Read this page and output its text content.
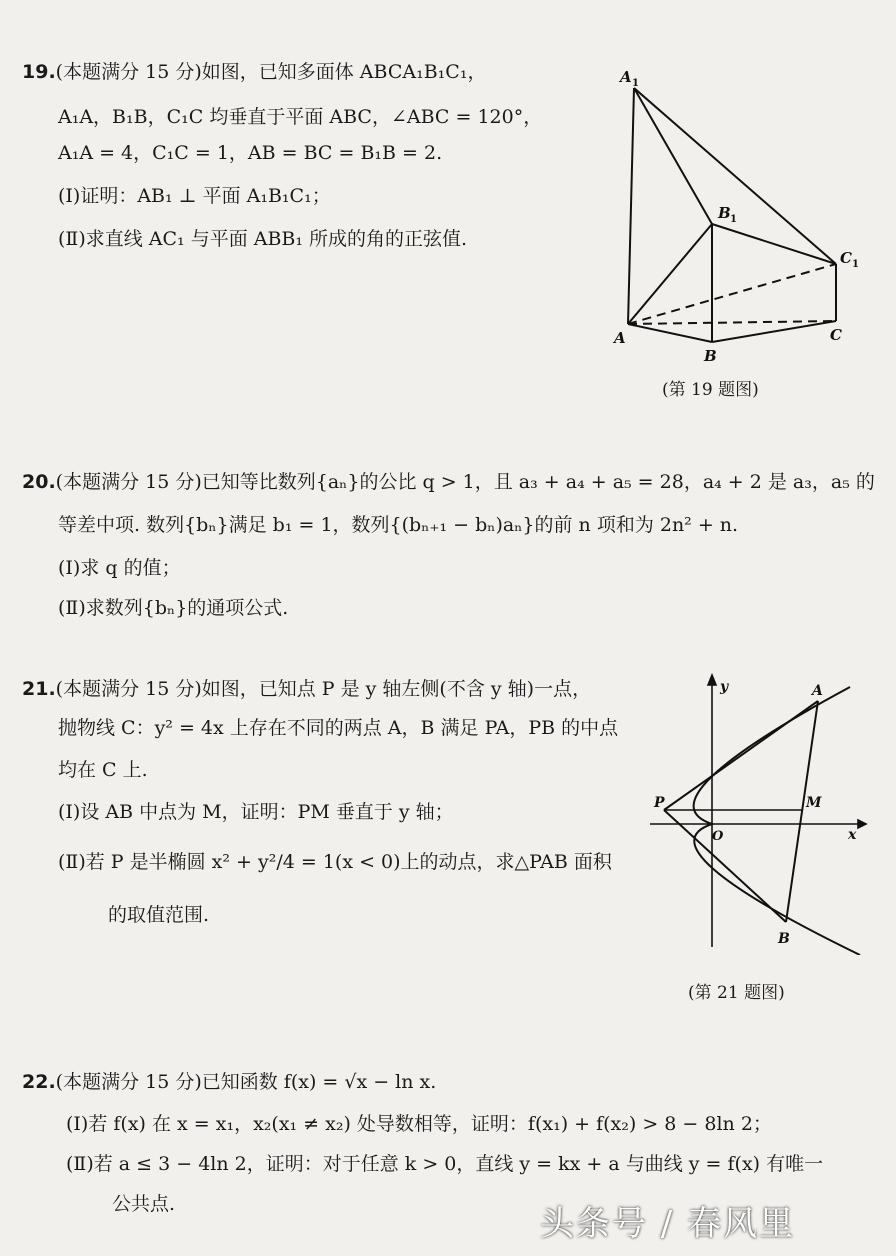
19.(本题满分 15 分)如图，已知多面体 ABCA₁B₁C₁，
A₁A，B₁B，C₁C 均垂直于平面 ABC，∠ABC = 120°，
A₁A = 4，C₁C = 1，AB = BC = B₁B = 2.
(Ⅰ)证明：AB₁ ⊥ 平面 A₁B₁C₁；
(Ⅱ)求直线 AC₁ 与平面 ABB₁ 所成的角的正弦值.
A 1
B 1
C 1
A
B
C
(第 19 题图)
20.(本题满分 15 分)已知等比数列{aₙ}的公比 q > 1，且 a₃ + a₄ + a₅ = 28，a₄ + 2 是 a₃，a₅ 的
等差中项. 数列{bₙ}满足 b₁ = 1，数列{(bₙ₊₁ − bₙ)aₙ}的前 n 项和为 2n² + n.
(Ⅰ)求 q 的值；
(Ⅱ)求数列{bₙ}的通项公式.
21.(本题满分 15 分)如图，已知点 P 是 y 轴左侧(不含 y 轴)一点，
抛物线 C：y² = 4x 上存在不同的两点 A，B 满足 PA，PB 的中点
均在 C 上.
(Ⅰ)设 AB 中点为 M，证明：PM 垂直于 y 轴；
(Ⅱ)若 P 是半椭圆 x² + y²/4 = 1(x < 0)上的动点，求△PAB 面积
的取值范围.
y
x
A
B
P	M
O
(第 21 题图)
22.(本题满分 15 分)已知函数 f(x) = √x − ln x.
(Ⅰ)若 f(x) 在 x = x₁，x₂(x₁ ≠ x₂) 处导数相等，证明：f(x₁) + f(x₂) > 8 − 8ln 2；
(Ⅱ)若 a ≤ 3 − 4ln 2，证明：对于任意 k > 0，直线 y = kx + a 与曲线 y = f(x) 有唯一
公共点.	头条号 / 春风里
